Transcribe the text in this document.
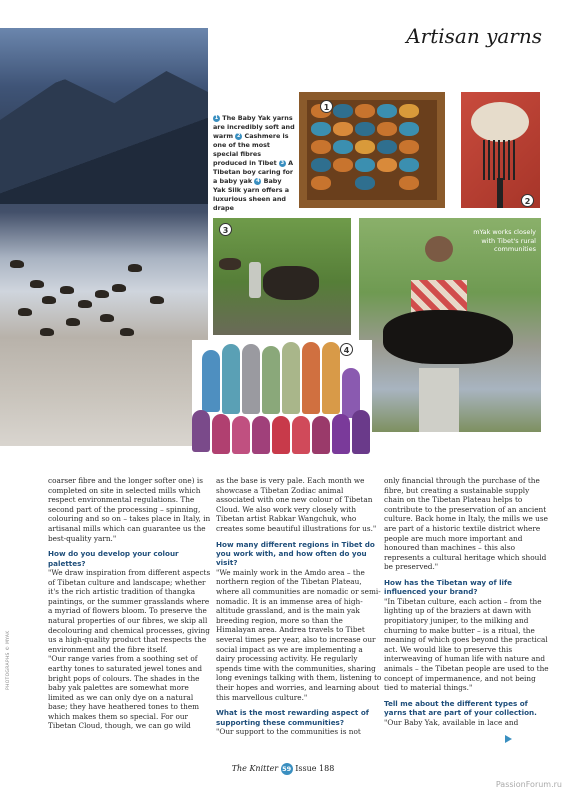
Artisan yarns
1
2
1 The Baby Yak yarns are incredibly soft and warm 2 Cashmere is one of the most special fibres produced in Tibet 3 A Tibetan boy caring for a baby yak 4 Baby Yak Silk yarn offers a luxurious sheen and drape
3	mYak works closely with Tibet's rural communities
4
PHOTOGRAPHS © MYAK

coarser fibre and the longer softer one) is completed on site in selected mills which respect environmental regulations. The second part of the processing – spinning, colouring and so on – takes place in Italy, in artisanal mills which can guarantee us the best-quality yarn."

How do you develop your colour palettes?

"We draw inspiration from different aspects of Tibetan culture and landscape; whether it's the rich artistic tradition of thangka paintings, or the summer grasslands where a myriad of flowers bloom. To preserve the natural properties of our fibres, we skip all decolouring and chemical processes, giving us a high-quality product that respects the environment and the fibre itself.

"Our range varies from a soothing set of earthy tones to saturated jewel tones and bright pops of colours. The shades in the baby yak palettes are somewhat more limited as we can only dye on a natural base; they have heathered tones to them which makes them so special. For our Tibetan Cloud, though, we can go wild

as the base is very pale. Each month we showcase a Tibetan Zodiac animal associated with one new colour of Tibetan Cloud. We also work very closely with Tibetan artist Rabkar Wangchuk, who creates some beautiful illustrations for us."

How many different regions in Tibet do you work with, and how often do you visit?

"We mainly work in the Amdo area – the northern region of the Tibetan Plateau, where all communities are nomadic or semi-nomadic. It is an immense area of high-altitude grassland, and is the main yak breeding region, more so than the Himalayan area. Andrea travels to Tibet several times per year, also to increase our social impact as we are implementing a dairy processing activity. He regularly spends time with the communities, sharing long evenings talking with them, listening to their hopes and worries, and learning about this marvellous culture."

What is the most rewarding aspect of supporting these communities?

"Our support to the communities is not

only financial through the purchase of the fibre, but creating a sustainable supply chain on the Tibetan Plateau helps to contribute to the preservation of an ancient culture. Back home in Italy, the mills we use are part of a historic textile district where people are much more important and honoured than machines – this also represents a cultural heritage which should be preserved."

How has the Tibetan way of life influenced your brand?

"In Tibetan culture, each action – from the lighting up of the braziers at dawn with propitiatory juniper, to the milking and churning to make butter – is a ritual, the meaning of which goes beyond the practical act. We would like to preserve this interweaving of human life with nature and animals – the Tibetan people are used to the concept of impermanence, and not being tied to material things."

Tell me about the different types of yarns that are part of your collection.

"Our Baby Yak, available in lace and

The Knitter 59 Issue 188
PassionForum.ru
